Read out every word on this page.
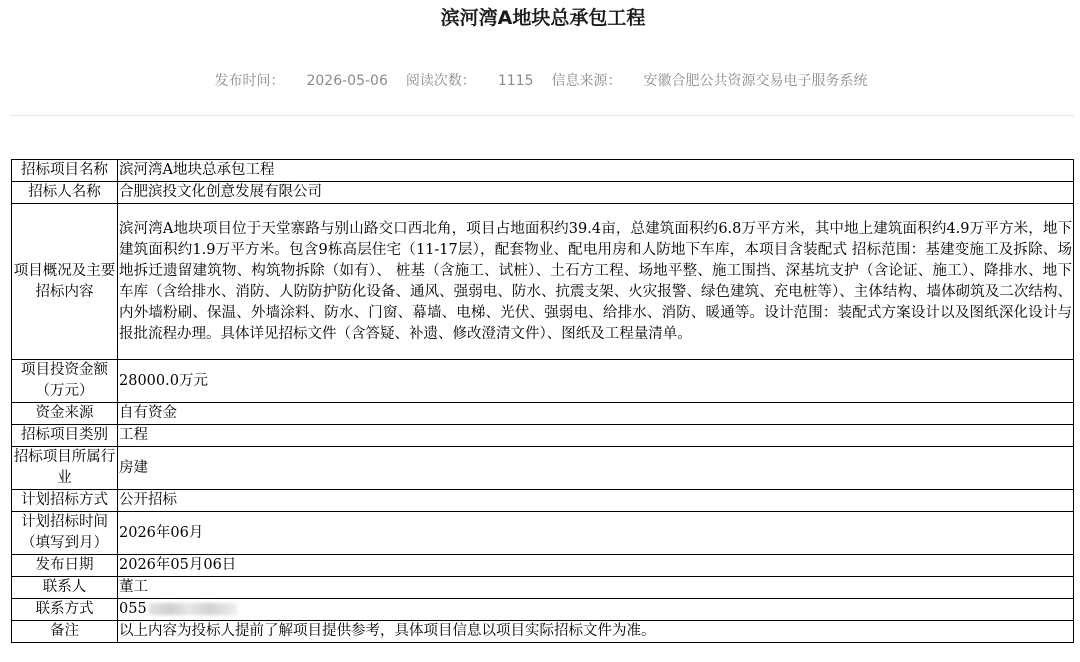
滨河湾A地块总承包工程
发布时间： 2026-05-06 阅读次数： 1115 信息来源： 安徽合肥公共资源交易电子服务系统
招标项目名称	滨河湾A地块总承包工程
招标人名称	合肥滨投文化创意发展有限公司
项目概况及主要招标内容	滨河湾A地块项目位于天堂寨路与别山路交口西北角，项目占地面积约39.4亩，总建筑面积约6.8万平方米，其中地上建筑面积约4.9万平方米，地下建筑面积约1.9万平方米。包含9栋高层住宅（11-17层），配套物业、配电用房和人防地下车库，本项目含装配式 招标范围：基建变施工及拆除、场地拆迁遗留建筑物、构筑物拆除（如有）、 桩基（含施工、试桩）、土石方工程、场地平整、施工围挡、深基坑支护（含论证、施工）、降排水、地下车库（含给排水、消防、人防防护防化设备、通风、强弱电、防水、抗震支架、火灾报警、绿色建筑、充电桩等）、主体结构、墙体砌筑及二次结构、内外墙粉刷、保温、外墙涂料、防水、门窗、幕墙、电梯、光伏、强弱电、给排水、消防、暖通等。设计范围：装配式方案设计以及图纸深化设计与报批流程办理。具体详见招标文件（含答疑、补遗、修改澄清文件）、图纸及工程量清单。
项目投资金额（万元）	28000.0万元
资金来源	自有资金
招标项目类别	工程
招标项目所属行业	房建
计划招标方式	公开招标
计划招标时间（填写到月）	2026年06月
发布日期	2026年05月06日
联系人	董工
联系方式	055
备注	以上内容为投标人提前了解项目提供参考，具体项目信息以项目实际招标文件为准。
